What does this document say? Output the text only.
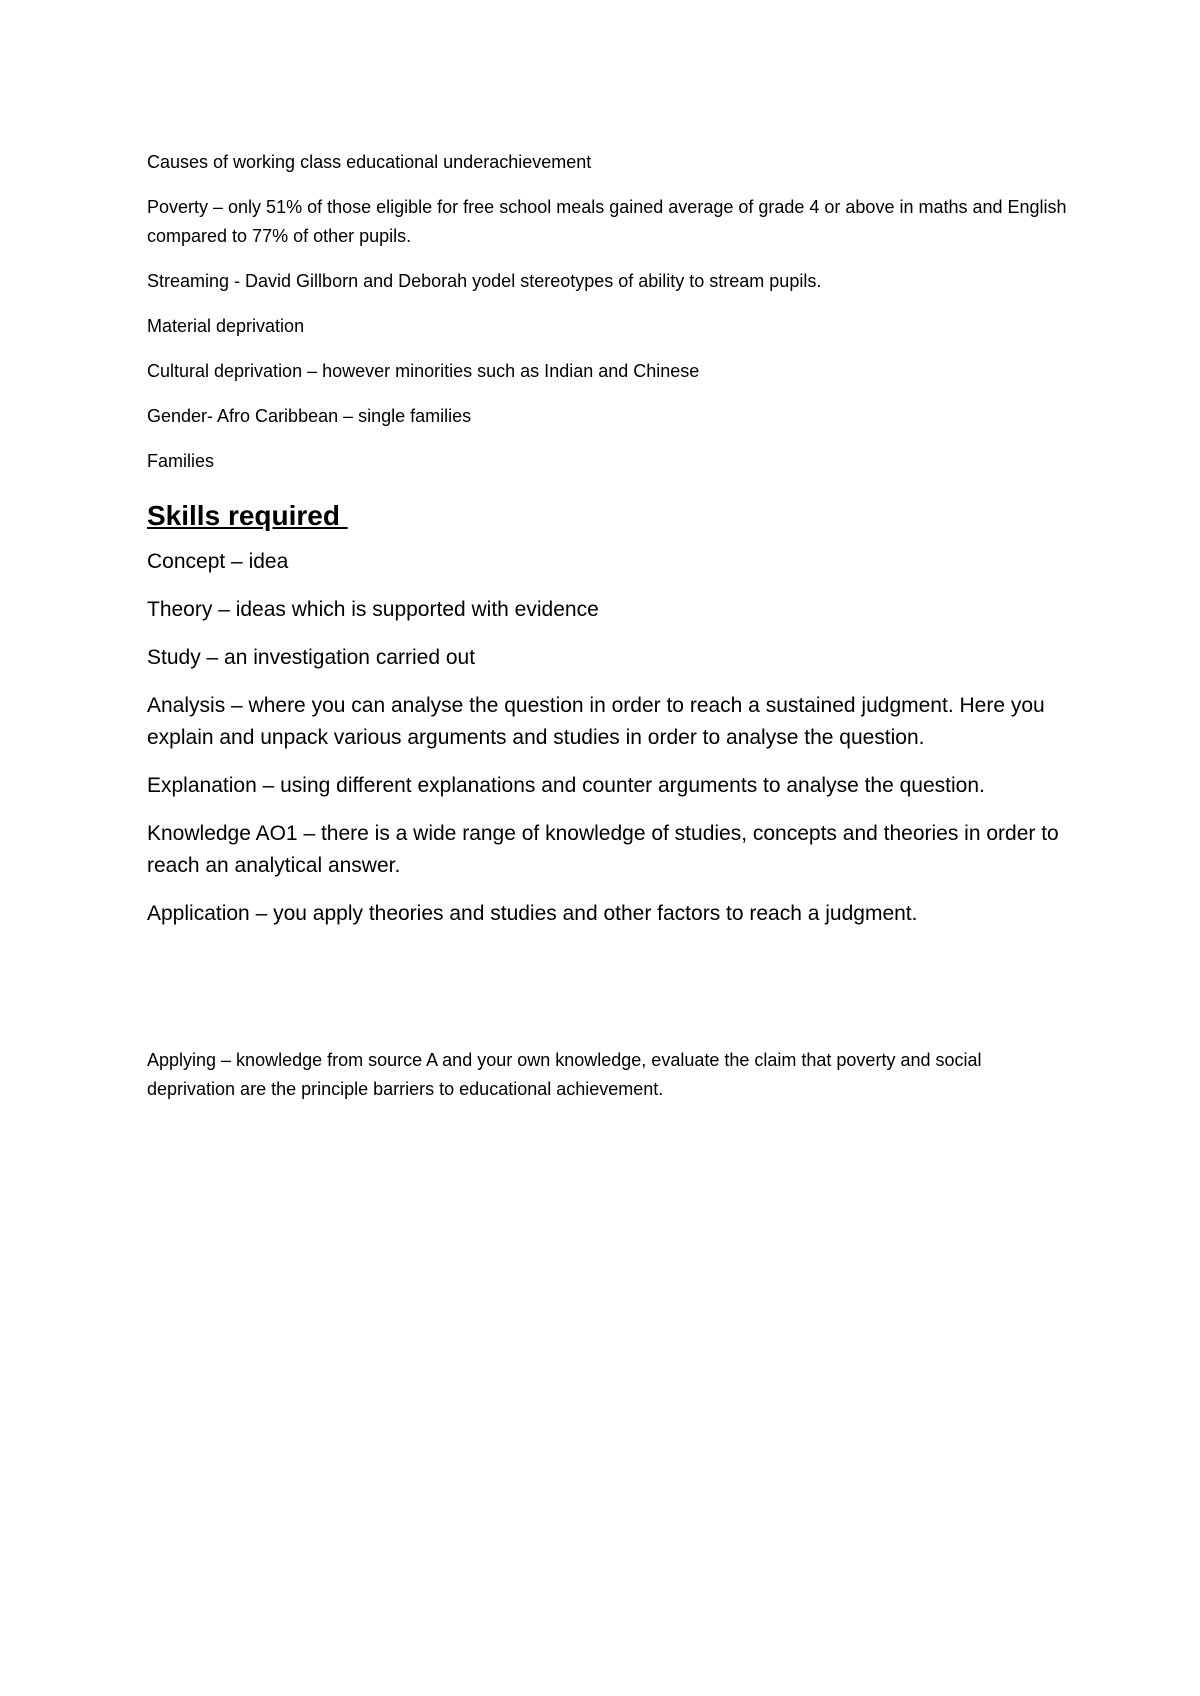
Causes of working class educational underachievement

Poverty – only 51% of those eligible for free school meals gained average of grade 4 or above in maths and English compared to 77% of other pupils.

Streaming - David Gillborn and Deborah yodel stereotypes of ability to stream pupils.

Material deprivation

Cultural deprivation – however minorities such as Indian and Chinese

Gender- Afro Caribbean – single families

Families

Skills required

Concept – idea

Theory – ideas which is supported with evidence

Study – an investigation carried out

Analysis – where you can analyse the question in order to reach a sustained judgment. Here you explain and unpack various arguments and studies in order to analyse the question.

Explanation – using different explanations and counter arguments to analyse the question.

Knowledge AO1 – there is a wide range of knowledge of studies, concepts and theories in order to reach an analytical answer.

Application – you apply theories and studies and other factors to reach a judgment.

Applying – knowledge from source A and your own knowledge, evaluate the claim that poverty and social deprivation are the principle barriers to educational achievement.
